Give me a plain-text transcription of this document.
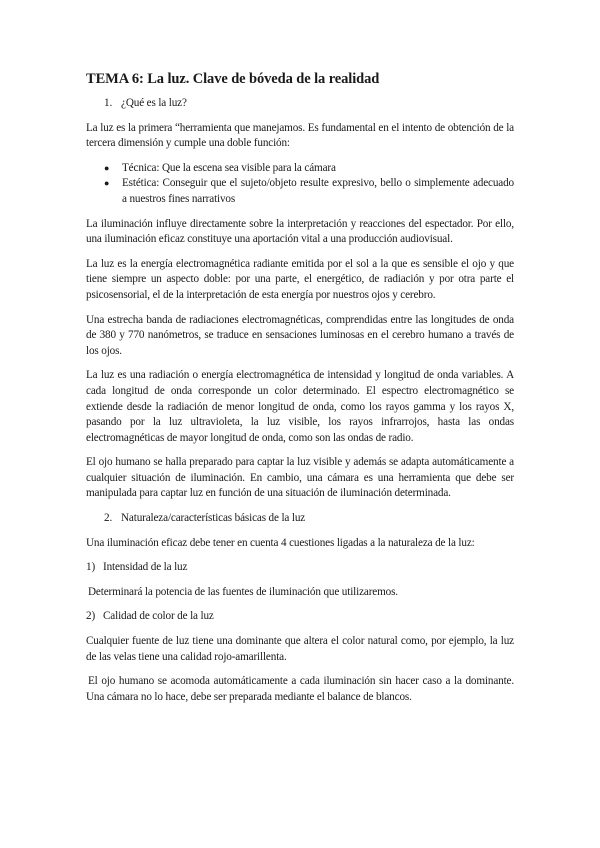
TEMA 6: La luz. Clave de bóveda de la realidad
1. ¿Qué es la luz?

La luz es la primera “herramienta que manejamos. Es fundamental en el intento de obtención de la tercera dimensión y cumple una doble función:

●	Técnica: Que la escena sea visible para la cámara
●	Estética: Conseguir que el sujeto/objeto resulte expresivo, bello o simplemente adecuado a nuestros fines narrativos

La iluminación influye directamente sobre la interpretación y reacciones del espectador. Por ello, una iluminación eficaz constituye una aportación vital a una producción audiovisual.

La luz es la energía electromagnética radiante emitida por el sol a la que es sensible el ojo y que tiene siempre un aspecto doble: por una parte, el energético, de radiación y por otra parte el psicosensorial, el de la interpretación de esta energía por nuestros ojos y cerebro.

Una estrecha banda de radiaciones electromagnéticas, comprendidas entre las longitudes de onda de 380 y 770 nanómetros, se traduce en sensaciones luminosas en el cerebro humano a través de los ojos.

La luz es una radiación o energía electromagnética de intensidad y longitud de onda variables. A cada longitud de onda corresponde un color determinado. El espectro electromagnético se extiende desde la radiación de menor longitud de onda, como los rayos gamma y los rayos X, pasando por la luz ultravioleta, la luz visible, los rayos infrarrojos, hasta las ondas electromagnéticas de mayor longitud de onda, como son las ondas de radio.

El ojo humano se halla preparado para captar la luz visible y además se adapta automáticamente a cualquier situación de iluminación. En cambio, una cámara es una herramienta que debe ser manipulada para captar luz en función de una situación de iluminación determinada.

2. Naturaleza/características básicas de la luz

Una iluminación eficaz debe tener en cuenta 4 cuestiones ligadas a la naturaleza de la luz:

1) Intensidad de la luz

Determinará la potencia de las fuentes de iluminación que utilizaremos.

2) Calidad de color de la luz

Cualquier fuente de luz tiene una dominante que altera el color natural como, por ejemplo, la luz de las velas tiene una calidad rojo-amarillenta.

El ojo humano se acomoda automáticamente a cada iluminación sin hacer caso a la dominante. Una cámara no lo hace, debe ser preparada mediante el balance de blancos.
